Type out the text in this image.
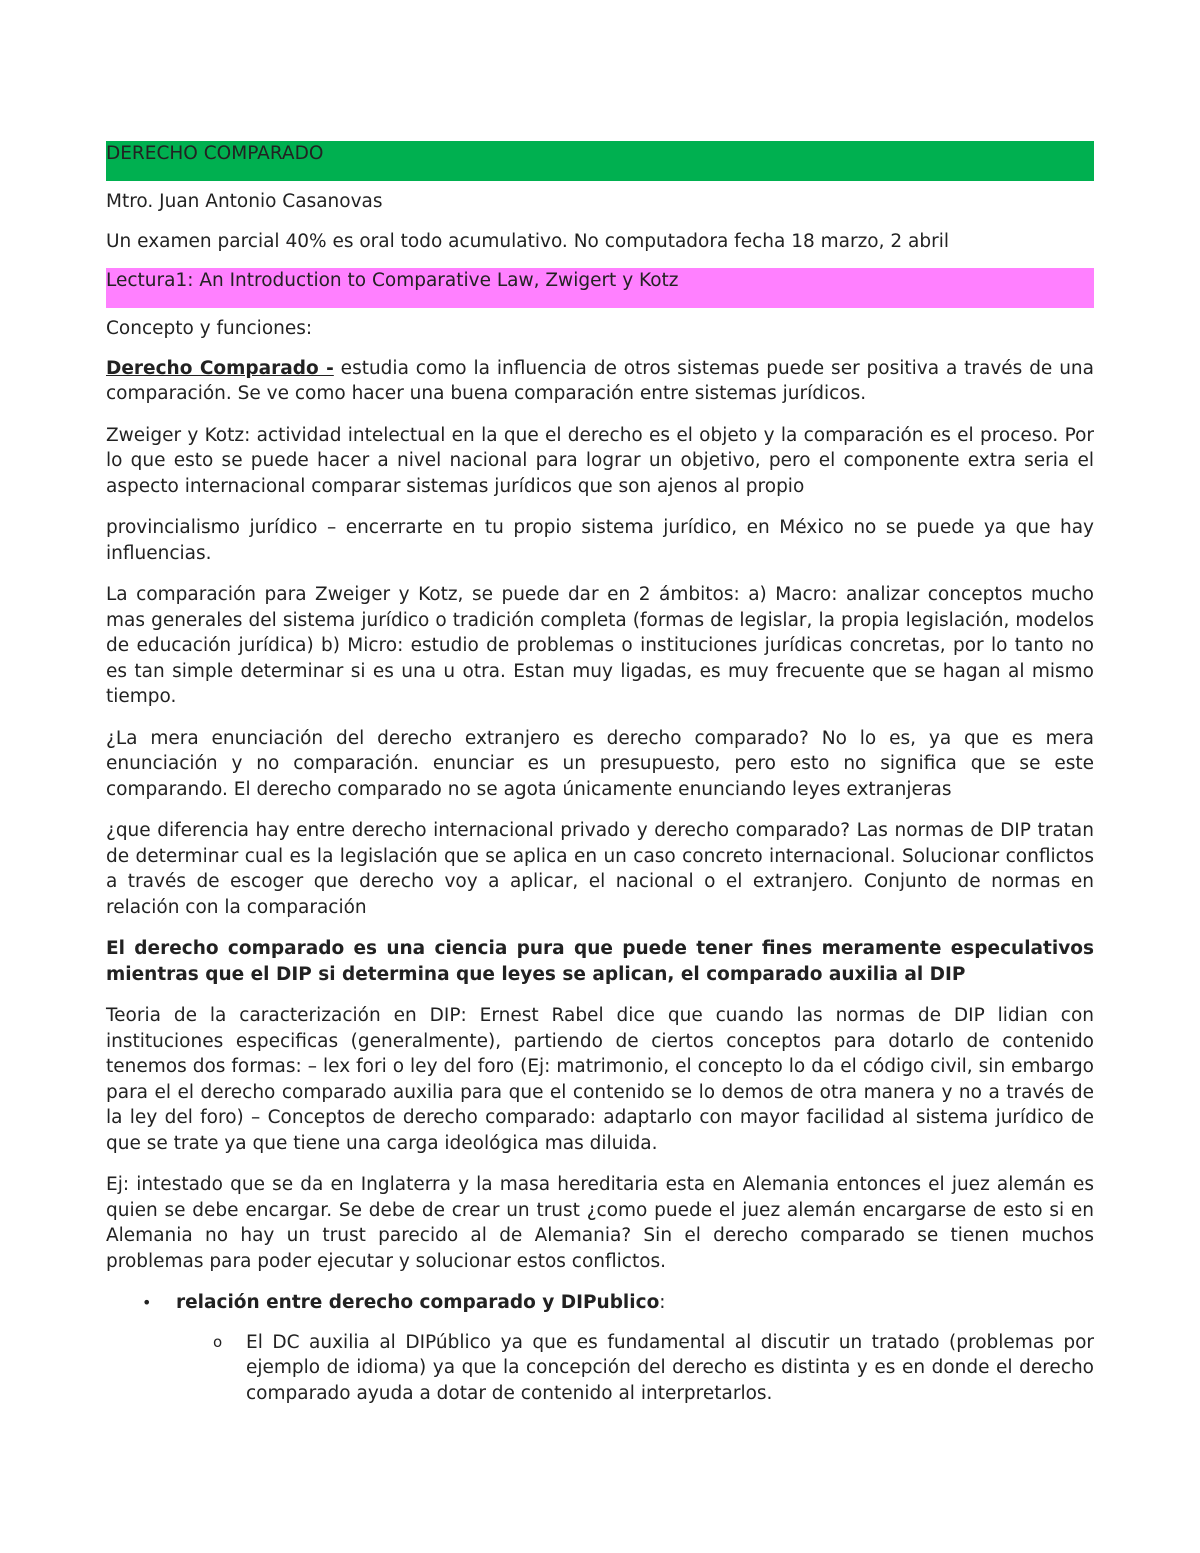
DERECHO COMPARADO

Mtro. Juan Antonio Casanovas

Un examen parcial 40% es oral todo acumulativo. No computadora fecha 18 marzo, 2 abril

Lectura1: An Introduction to Comparative Law, Zwigert y Kotz

Concepto y funciones:

Derecho Comparado - estudia como la influencia de otros sistemas puede ser positiva a través de una comparación. Se ve como hacer una buena comparación entre sistemas jurídicos.

Zweiger y Kotz: actividad intelectual en la que el derecho es el objeto y la comparación es el proceso. Por lo que esto se puede hacer a nivel nacional para lograr un objetivo, pero el componente extra seria el aspecto internacional comparar sistemas jurídicos que son ajenos al propio

provincialismo jurídico – encerrarte en tu propio sistema jurídico, en México no se puede ya que hay influencias.

La comparación para Zweiger y Kotz, se puede dar en 2 ámbitos: a) Macro: analizar conceptos mucho mas generales del sistema jurídico o tradición completa (formas de legislar, la propia legislación, modelos de educación jurídica) b) Micro: estudio de problemas o instituciones jurídicas concretas, por lo tanto no es tan simple determinar si es una u otra. Estan muy ligadas, es muy frecuente que se hagan al mismo tiempo.

¿La mera enunciación del derecho extranjero es derecho comparado? No lo es, ya que es mera enunciación y no comparación. enunciar es un presupuesto, pero esto no significa que se este comparando. El derecho comparado no se agota únicamente enunciando leyes extranjeras

¿que diferencia hay entre derecho internacional privado y derecho comparado? Las normas de DIP tratan de determinar cual es la legislación que se aplica en un caso concreto internacional. Solucionar conflictos a través de escoger que derecho voy a aplicar, el nacional o el extranjero. Conjunto de normas en relación con la comparación

El derecho comparado es una ciencia pura que puede tener fines meramente especulativos mientras que el DIP si determina que leyes se aplican, el comparado auxilia al DIP

Teoria de la caracterización en DIP: Ernest Rabel dice que cuando las normas de DIP lidian con instituciones especificas (generalmente), partiendo de ciertos conceptos para dotarlo de contenido tenemos dos formas: – lex fori o ley del foro (Ej: matrimonio, el concepto lo da el código civil, sin embargo para el el derecho comparado auxilia para que el contenido se lo demos de otra manera y no a través de la ley del foro) – Conceptos de derecho comparado: adaptarlo con mayor facilidad al sistema jurídico de que se trate ya que tiene una carga ideológica mas diluida.

Ej: intestado que se da en Inglaterra y la masa hereditaria esta en Alemania entonces el juez alemán es quien se debe encargar. Se debe de crear un trust ¿como puede el juez alemán encargarse de esto si en Alemania no hay un trust parecido al de Alemania? Sin el derecho comparado se tienen muchos problemas para poder ejecutar y solucionar estos conflictos.

• relación entre derecho comparado y DIPublico:
o El DC auxilia al DIPúblico ya que es fundamental al discutir un tratado (problemas por ejemplo de idioma) ya que la concepción del derecho es distinta y es en donde el derecho comparado ayuda a dotar de contenido al interpretarlos.
